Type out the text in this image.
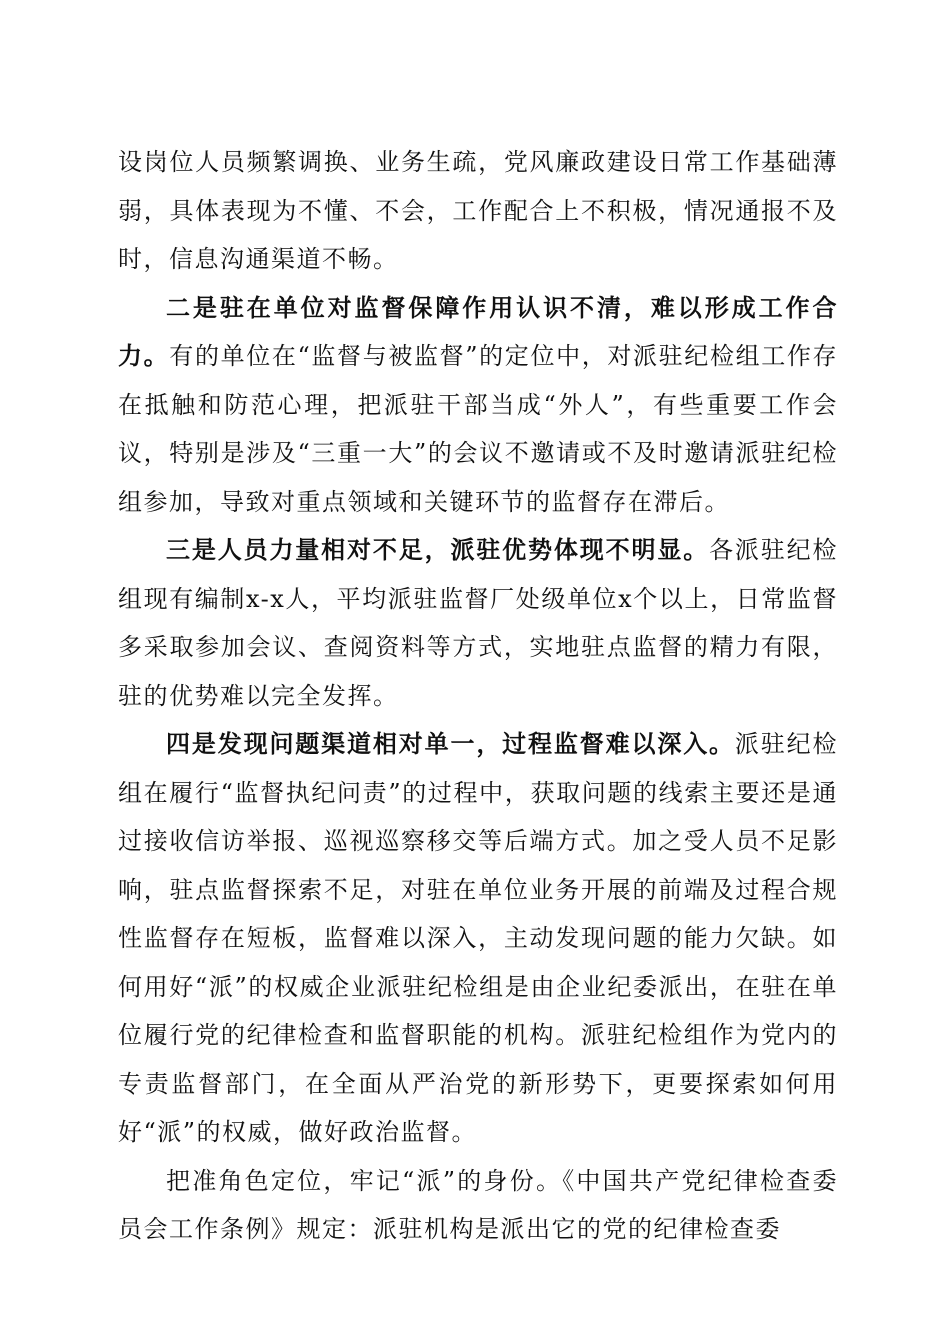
设岗位人员频繁调换、业务生疏，党风廉政建设日常工作基础薄弱，具体表现为不懂、不会，工作配合上不积极，情况通报不及时，信息沟通渠道不畅。

二是驻在单位对监督保障作用认识不清，难以形成工作合力。有的单位在“监督与被监督”的定位中，对派驻纪检组工作存在抵触和防范心理，把派驻干部当成“外人”，有些重要工作会议，特别是涉及“三重一大”的会议不邀请或不及时邀请派驻纪检组参加，导致对重点领域和关键环节的监督存在滞后。

三是人员力量相对不足，派驻优势体现不明显。各派驻纪检组现有编制x-x人，平均派驻监督厂处级单位x个以上，日常监督多采取参加会议、查阅资料等方式，实地驻点监督的精力有限，驻的优势难以完全发挥。

四是发现问题渠道相对单一，过程监督难以深入。派驻纪检组在履行“监督执纪问责”的过程中，获取问题的线索主要还是通过接收信访举报、巡视巡察移交等后端方式。加之受人员不足影响，驻点监督探索不足，对驻在单位业务开展的前端及过程合规性监督存在短板，监督难以深入，主动发现问题的能力欠缺。如何用好“派”的权威企业派驻纪检组是由企业纪委派出，在驻在单位履行党的纪律检查和监督职能的机构。派驻纪检组作为党内的专责监督部门，在全面从严治党的新形势下，更要探索如何用好“派”的权威，做好政治监督。

把准角色定位，牢记“派”的身份。《中国共产党纪律检查委员会工作条例》规定：派驻机构是派出它的党的纪律检查委
